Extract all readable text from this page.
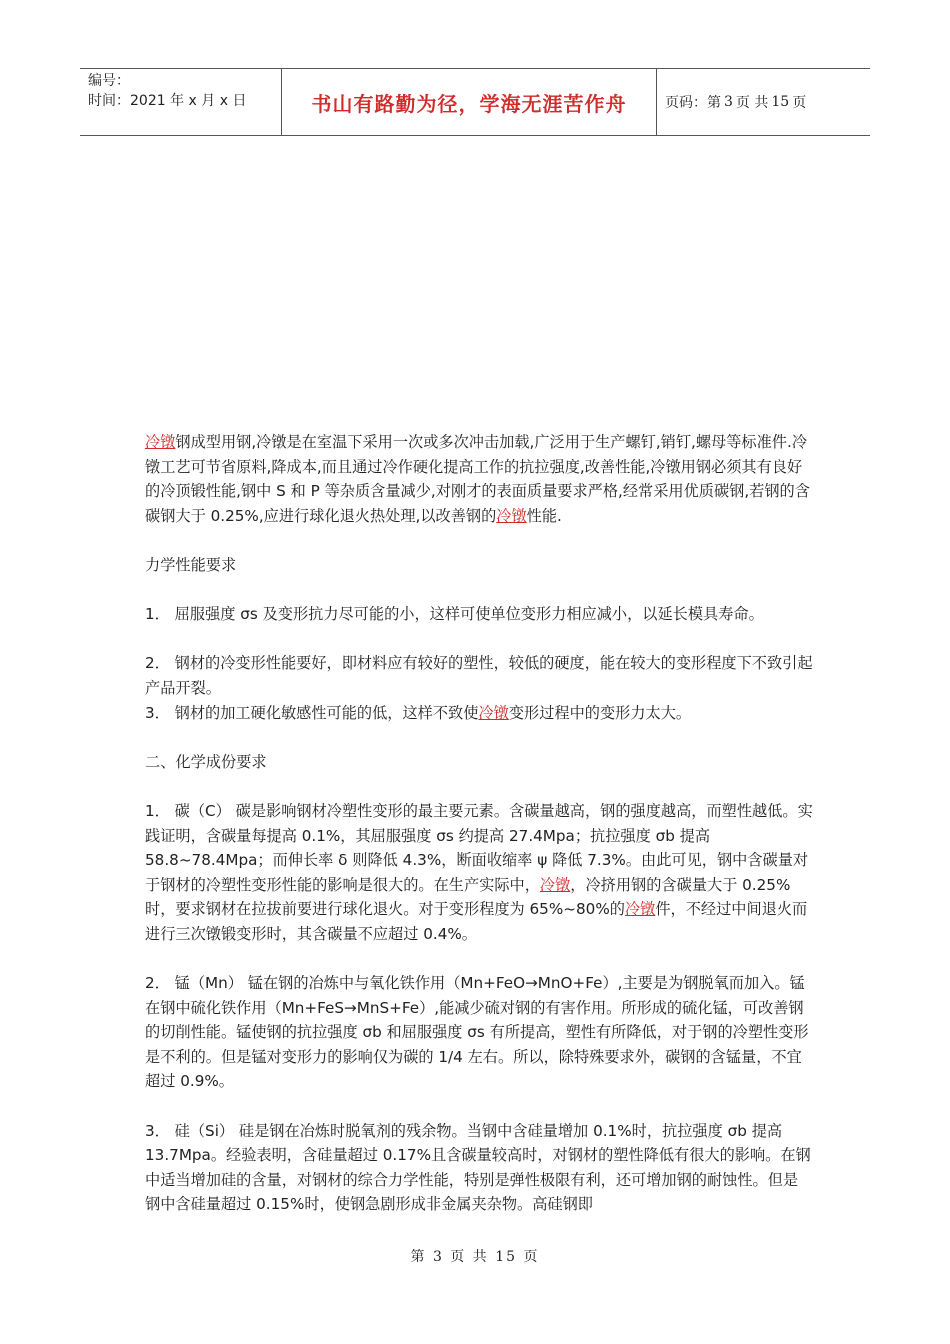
编号：
时间：2021 年 x 月 x 日	书山有路勤为径，学海无涯苦作舟	页码：第 3 页 共 15 页

冷镦钢成型用钢,冷镦是在室温下采用一次或多次冲击加载,广泛用于生产螺钉,销钉,螺母等标准件.冷镦工艺可节省原料,降成本,而且通过冷作硬化提高工作的抗拉强度,改善性能,冷镦用钢必须其有良好的冷顶锻性能,钢中 S 和 P 等杂质含量减少,对刚才的表面质量要求严格,经常采用优质碳钢,若钢的含碳钢大于 0.25%,应进行球化退火热处理,以改善钢的冷镦性能.

力学性能要求

1． 屈服强度 σs 及变形抗力尽可能的小，这样可使单位变形力相应减小，以延长模具寿命。

2． 钢材的冷变形性能要好，即材料应有较好的塑性，较低的硬度，能在较大的变形程度下不致引起产品开裂。

3． 钢材的加工硬化敏感性可能的低，这样不致使冷镦变形过程中的变形力太大。

二、化学成份要求

1． 碳（C） 碳是影响钢材冷塑性变形的最主要元素。含碳量越高，钢的强度越高，而塑性越低。实践证明，含碳量每提高 0.1%，其屈服强度 σs 约提高 27.4Mpa；抗拉强度 σb 提高 58.8~78.4Mpa；而伸长率 δ 则降低 4.3%，断面收缩率 ψ 降低 7.3%。由此可见，钢中含碳量对于钢材的冷塑性变形性能的影响是很大的。在生产实际中，冷镦，冷挤用钢的含碳量大于 0.25%时，要求钢材在拉拔前要进行球化退火。对于变形程度为 65%~80%的冷镦件，不经过中间退火而进行三次镦锻变形时，其含碳量不应超过 0.4%。

2． 锰（Mn） 锰在钢的冶炼中与氧化铁作用（Mn+FeO→MnO+Fe）,主要是为钢脱氧而加入。锰在钢中硫化铁作用（Mn+FeS→MnS+Fe）,能减少硫对钢的有害作用。所形成的硫化锰，可改善钢的切削性能。锰使钢的抗拉强度 σb 和屈服强度 σs 有所提高，塑性有所降低，对于钢的冷塑性变形是不利的。但是锰对变形力的影响仅为碳的 1/4 左右。所以，除特殊要求外，碳钢的含锰量，不宜超过 0.9%。

3． 硅（Si） 硅是钢在冶炼时脱氧剂的残余物。当钢中含硅量增加 0.1%时，抗拉强度 σb 提高 13.7Mpa。经验表明，含硅量超过 0.17%且含碳量较高时，对钢材的塑性降低有很大的影响。在钢中适当增加硅的含量，对钢材的综合力学性能，特别是弹性极限有利，还可增加钢的耐蚀性。但是钢中含硅量超过 0.15%时，使钢急剧形成非金属夹杂物。高硅钢即

第 3 页 共 15 页
